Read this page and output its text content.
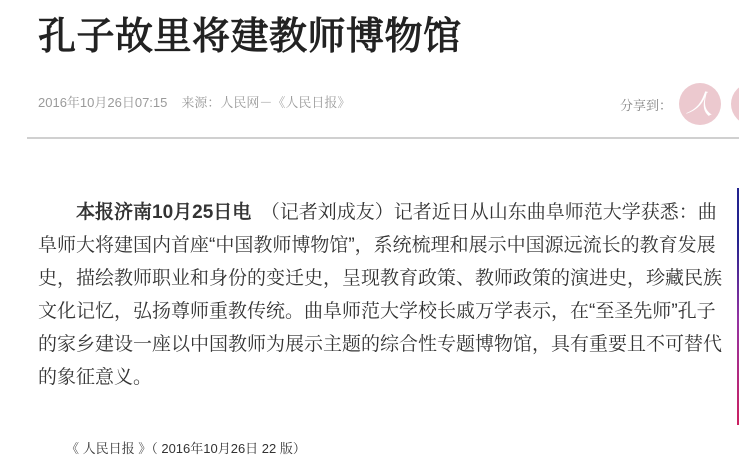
孔子故里将建教师博物馆
2016年10月26日07:15 来源：人民网－《人民日报》	分享到： 人

本报济南10月25日电　（记者刘成友）记者近日从山东曲阜师范大学获悉：曲阜师大将建国内首座“中国教师博物馆”，系统梳理和展示中国源远流长的教育发展史，描绘教师职业和身份的变迁史，呈现教育政策、教师政策的演进史，珍藏民族文化记忆，弘扬尊师重教传统。曲阜师范大学校长戚万学表示，在“至圣先师”孔子的家乡建设一座以中国教师为展示主题的综合性专题博物馆，具有重要且不可替代的象征意义。

《 人民日报 》（ 2016年10月26日 22 版）
